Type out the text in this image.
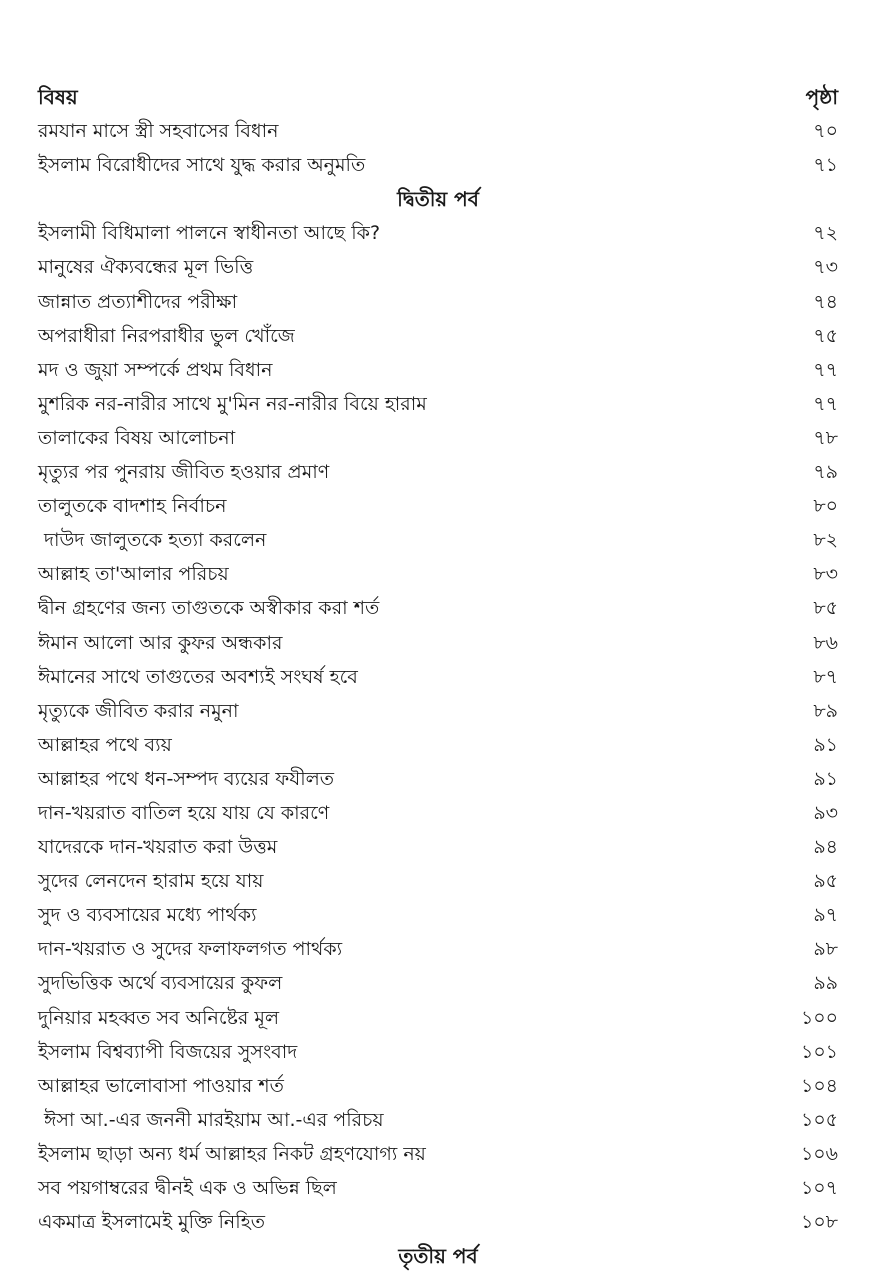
বিষয়	পৃষ্ঠা
রমযান মাসে স্ত্রী সহবাসের বিধান	৭০
ইসলাম বিরোধীদের সাথে যুদ্ধ করার অনুমতি	৭১
দ্বিতীয় পর্ব
ইসলামী বিধিমালা পালনে স্বাধীনতা আছে কি?	৭২
মানুষের ঐক্যবন্ধের মূল ভিত্তি	৭৩
জান্নাত প্রত্যাশীদের পরীক্ষা	৭৪
অপরাধীরা নিরপরাধীর ভুল খোঁজে	৭৫
মদ ও জুয়া সম্পর্কে প্রথম বিধান	৭৭
মুশরিক নর-নারীর সাথে মু'মিন নর-নারীর বিয়ে হারাম	৭৭
তালাকের বিষয় আলোচনা	৭৮
মৃত্যুর পর পুনরায় জীবিত হওয়ার প্রমাণ	৭৯
তালুতকে বাদশাহ নির্বাচন	৮০
দাউদ জালুতকে হত্যা করলেন	৮২
আল্লাহ তা'আলার পরিচয়	৮৩
দ্বীন গ্রহণের জন্য তাগুতকে অস্বীকার করা শর্ত	৮৫
ঈমান আলো আর কুফর অন্ধকার	৮৬
ঈমানের সাথে তাগুতের অবশ্যই সংঘর্ষ হবে	৮৭
মৃত্যুকে জীবিত করার নমুনা	৮৯
আল্লাহর পথে ব্যয়	৯১
আল্লাহর পথে ধন-সম্পদ ব্যয়ের ফযীলত	৯১
দান-খয়রাত বাতিল হয়ে যায় যে কারণে	৯৩
যাদেরকে দান-খয়রাত করা উত্তম	৯৪
সুদের লেনদেন হারাম হয়ে যায়	৯৫
সুদ ও ব্যবসায়ের মধ্যে পার্থক্য	৯৭
দান-খয়রাত ও সুদের ফলাফলগত পার্থক্য	৯৮
সুদভিত্তিক অর্থে ব্যবসায়ের কুফল	৯৯
দুনিয়ার মহব্বত সব অনিষ্টের মূল	১০০
ইসলাম বিশ্বব্যাপী বিজয়ের সুসংবাদ	১০১
আল্লাহর ভালোবাসা পাওয়ার শর্ত	১০৪
ঈসা আ.-এর জননী মারইয়াম আ.-এর পরিচয়	১০৫
ইসলাম ছাড়া অন্য ধর্ম আল্লাহর নিকট গ্রহণযোগ্য নয়	১০৬
সব পয়গাম্বরের দ্বীনই এক ও অভিন্ন ছিল	১০৭
একমাত্র ইসলামেই মুক্তি নিহিত	১০৮
তৃতীয় পর্ব
